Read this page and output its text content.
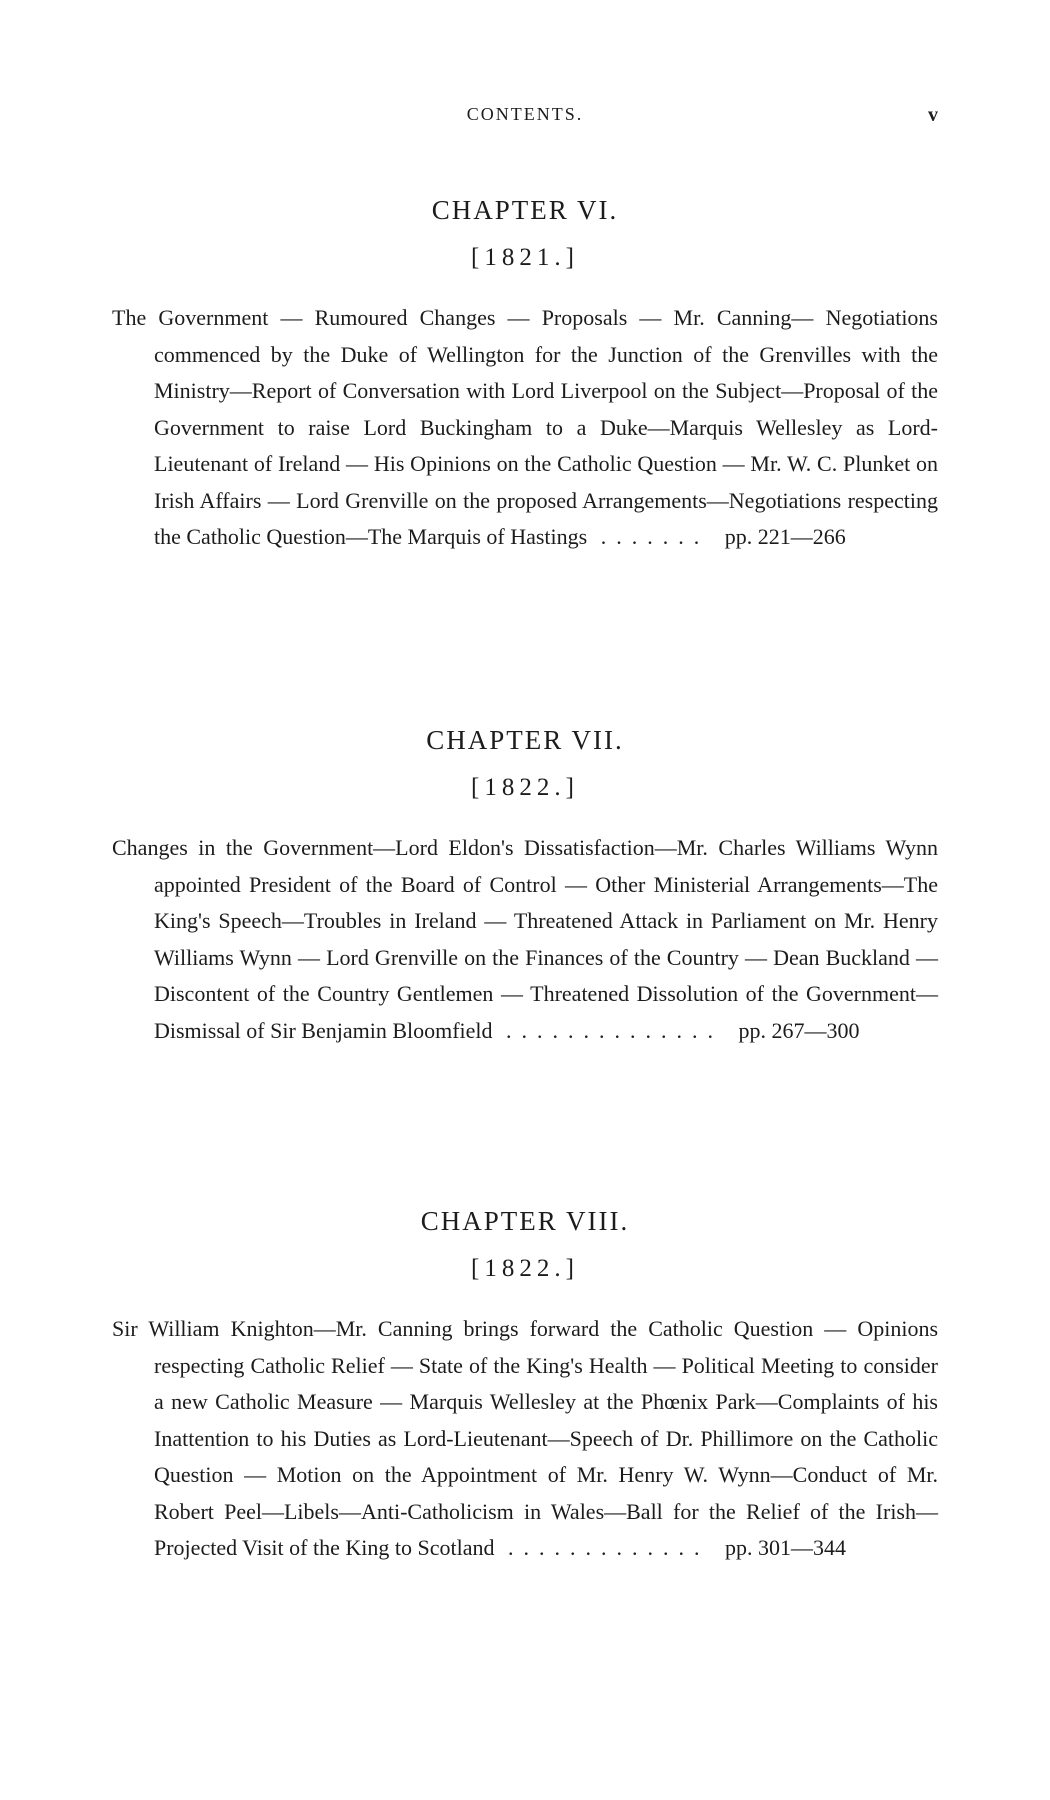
CONTENTS.	v
CHAPTER VI.
[1821.]

The Government — Rumoured Changes — Proposals — Mr. Canning— Negotiations commenced by the Duke of Wellington for the Junction of the Grenvilles with the Ministry—Report of Conversation with Lord Liverpool on the Subject—Proposal of the Government to raise Lord Buckingham to a Duke—Marquis Wellesley as Lord-Lieutenant of Ireland — His Opinions on the Catholic Question — Mr. W. C. Plunket on Irish Affairs — Lord Grenville on the proposed Arrangements—Negotiations respecting the Catholic Question—The Marquis of Hastings ....... pp. 221—266

CHAPTER VII.
[1822.]

Changes in the Government—Lord Eldon's Dissatisfaction—Mr. Charles Williams Wynn appointed President of the Board of Control — Other Ministerial Arrangements—The King's Speech—Troubles in Ireland — Threatened Attack in Parliament on Mr. Henry Williams Wynn — Lord Grenville on the Finances of the Country — Dean Buckland — Discontent of the Country Gentlemen — Threatened Dissolution of the Government—Dismissal of Sir Benjamin Bloomfield .............. pp. 267—300

CHAPTER VIII.
[1822.]

Sir William Knighton—Mr. Canning brings forward the Catholic Question — Opinions respecting Catholic Relief — State of the King's Health — Political Meeting to consider a new Catholic Measure — Marquis Wellesley at the Phœnix Park—Complaints of his Inattention to his Duties as Lord-Lieutenant—Speech of Dr. Phillimore on the Catholic Question — Motion on the Appointment of Mr. Henry W. Wynn—Conduct of Mr. Robert Peel—Libels—Anti-Catholicism in Wales—Ball for the Relief of the Irish—Projected Visit of the King to Scotland ............. pp. 301—344
